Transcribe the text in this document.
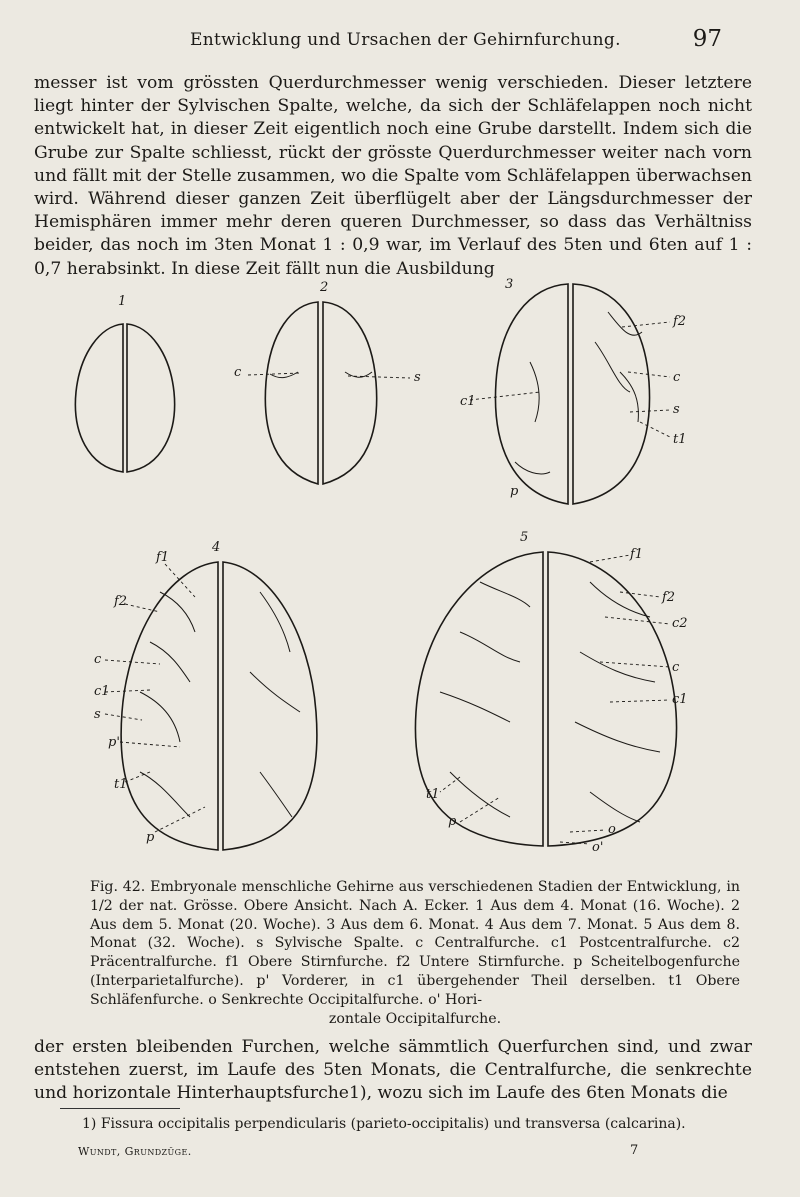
Entwicklung und Ursachen der Gehirnfurchung.	97

messer ist vom grössten Querdurchmesser wenig verschieden. Dieser letztere liegt hinter der Sylvischen Spalte, welche, da sich der Schläfelappen noch nicht entwickelt hat, in dieser Zeit eigentlich noch eine Grube darstellt. Indem sich die Grube zur Spalte schliesst, rückt der grösste Querdurchmesser weiter nach vorn und fällt mit der Stelle zusammen, wo die Spalte vom Schläfelappen überwachsen wird. Während dieser ganzen Zeit überflügelt aber der Längsdurchmesser der Hemisphären immer mehr deren queren Durchmesser, so dass das Verhältniss beider, das noch im 3ten Monat 1 : 0,9 war, im Verlauf des 5ten und 6ten auf 1 : 0,7 herabsinkt. In diese Zeit fällt nun die Ausbildung

1
2	3
4
5
c	s
f2
c
c1
s
t1
p
f1
f2
c
c1
s
p'
t1
p
f1
f2
c2
c
c1
t1
p
o
o'
Fig. 42. Embryonale menschliche Gehirne aus verschiedenen Stadien der Entwicklung, in 1/2 der nat. Grösse. Obere Ansicht. Nach A. Ecker. 1 Aus dem 4. Monat (16. Woche). 2 Aus dem 5. Monat (20. Woche). 3 Aus dem 6. Monat. 4 Aus dem 7. Monat. 5 Aus dem 8. Monat (32. Woche). s Sylvische Spalte. c Centralfurche. c1 Postcentralfurche. c2 Präcentralfurche. f1 Obere Stirnfurche. f2 Untere Stirnfurche. p Scheitelbogenfurche (Interparietalfurche). p' Vorderer, in c1 übergehender Theil derselben. t1 Obere Schläfenfurche. o Senkrechte Occipitalfurche. o' Hori-
zontale Occipitalfurche.

der ersten bleibenden Furchen, welche sämmtlich Querfurchen sind, und zwar entstehen zuerst, im Laufe des 5ten Monats, die Centralfurche, die senkrechte und horizontale Hinterhauptsfurche1), wozu sich im Laufe des 6ten Monats die

1) Fissura occipitalis perpendicularis (parieto-occipitalis) und transversa (calcarina).
Wundt, Grundzüge.	7
